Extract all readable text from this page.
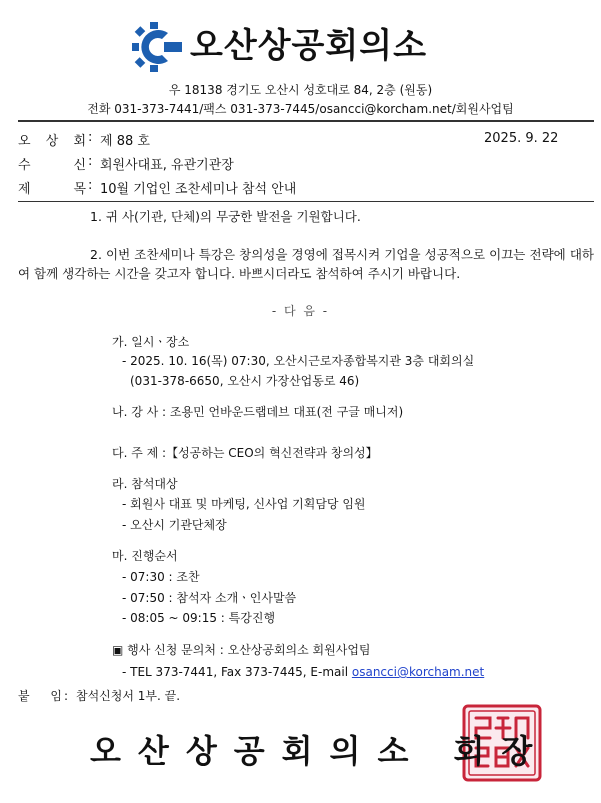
오산상공회의소
우 18138 경기도 오산시 성호대로 84, 2층 (원동)
전화 031-373-7441/팩스 031-373-7445/osancci@korcham.net/회원사업팀
오 상 회 : 제 88 호	2025. 9. 22
수	신 : 회원사대표, 유관기관장
제	목 : 10월 기업인 조찬세미나 참석 안내
1. 귀 사(기관, 단체)의 무궁한 발전을 기원합니다.
2. 이번 조찬세미나 특강은 창의성을 경영에 접목시켜 기업을 성공적으로 이끄는 전략에 대하여 함께 생각하는 시간을 갖고자 합니다. 바쁘시더라도 참석하여 주시기 바랍니다.
- 다 음 -
가. 일시ㆍ장소
- 2025. 10. 16(목) 07:30, 오산시근로자종합복지관 3층 대회의실
(031-378-6650, 오산시 가장산업동로 46)
나. 강 사 : 조용민 언바운드랩데브 대표(전 구글 매니저)
다. 주 제 :【성공하는 CEO의 혁신전략과 창의성】
라. 참석대상
- 회원사 대표 및 마케팅, 신사업 기획담당 임원
- 오산시 기관단체장
마. 진행순서
- 07:30 : 조찬
- 07:50 : 참석자 소개ㆍ인사말씀
- 08:05 ~ 09:15 : 특강진행
▣ 행사 신청 문의처 : 오산상공회의소 회원사업팀
- TEL 373-7441, Fax 373-7445, E-mail osancci@korcham.net
붙 임 : 참석신청서 1부. 끝.
오산상공회의소 회장
